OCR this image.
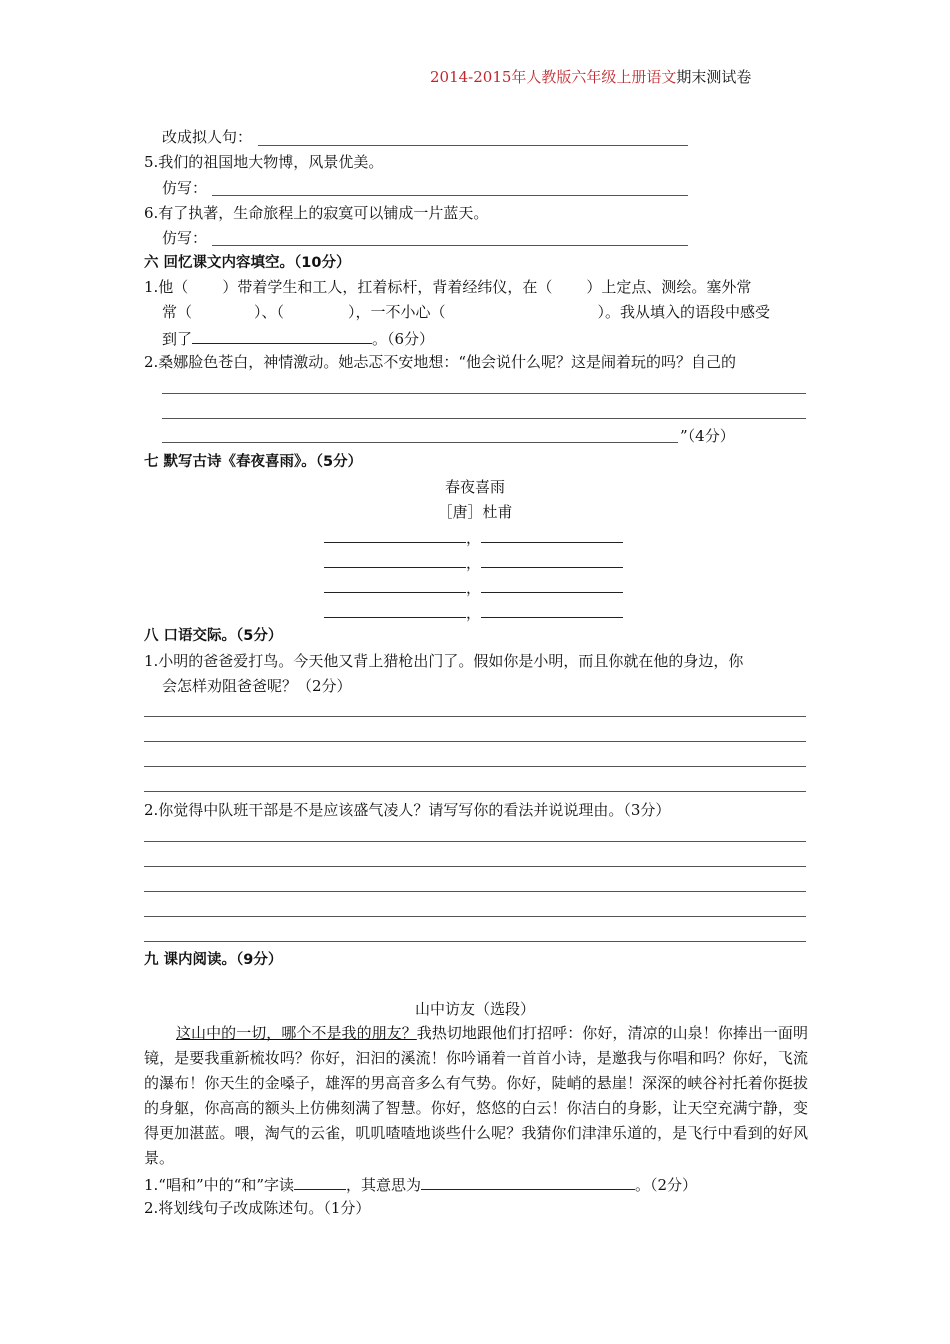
2014-2015年人教版六年级上册语文期末测试卷
改成拟人句：
5.我们的祖国地大物博，风景优美。
仿写：
6.有了执著，生命旅程上的寂寞可以铺成一片蓝天。
仿写：
六 回忆课文内容填空。（10分）
1.他（ ）带着学生和工人，扛着标杆，背着经纬仪，在（ ）上定点、测绘。塞外常
常（	）、（	），一不小心（	）。我从填入的语段中感受
到了	。（6分）
2.桑娜脸色苍白，神情激动。她忐忑不安地想：“他会说什么呢？这是闹着玩的吗？自己的
”（4分）
七 默写古诗《春夜喜雨》。（5分）
春夜喜雨
［唐］杜甫
，
，
，
，
八 口语交际。（5分）
1.小明的爸爸爱打鸟。今天他又背上猎枪出门了。假如你是小明，而且你就在他的身边，你
会怎样劝阻爸爸呢？（2分）
2.你觉得中队班干部是不是应该盛气凌人？请写写你的看法并说说理由。（3分）
九 课内阅读。（9分）
山中访友（选段）
这山中的一切，哪个不是我的朋友？我热切地跟他们打招呼：你好，清凉的山泉！你捧出一面明镜，是要我重新梳妆吗？你好，汩汩的溪流！你吟诵着一首首小诗，是邀我与你唱和吗？你好，飞流的瀑布！你天生的金嗓子，雄浑的男高音多么有气势。你好，陡峭的悬崖！深深的峡谷衬托着你挺拔的身躯，你高高的额头上仿佛刻满了智慧。你好，悠悠的白云！你洁白的身影，让天空充满宁静，变得更加湛蓝。喂，淘气的云雀，叽叽喳喳地谈些什么呢？我猜你们津津乐道的，是飞行中看到的好风景。
1.“唱和”中的“和”字读	，其意思为	。（2分）
2.将划线句子改成陈述句。（1分）
